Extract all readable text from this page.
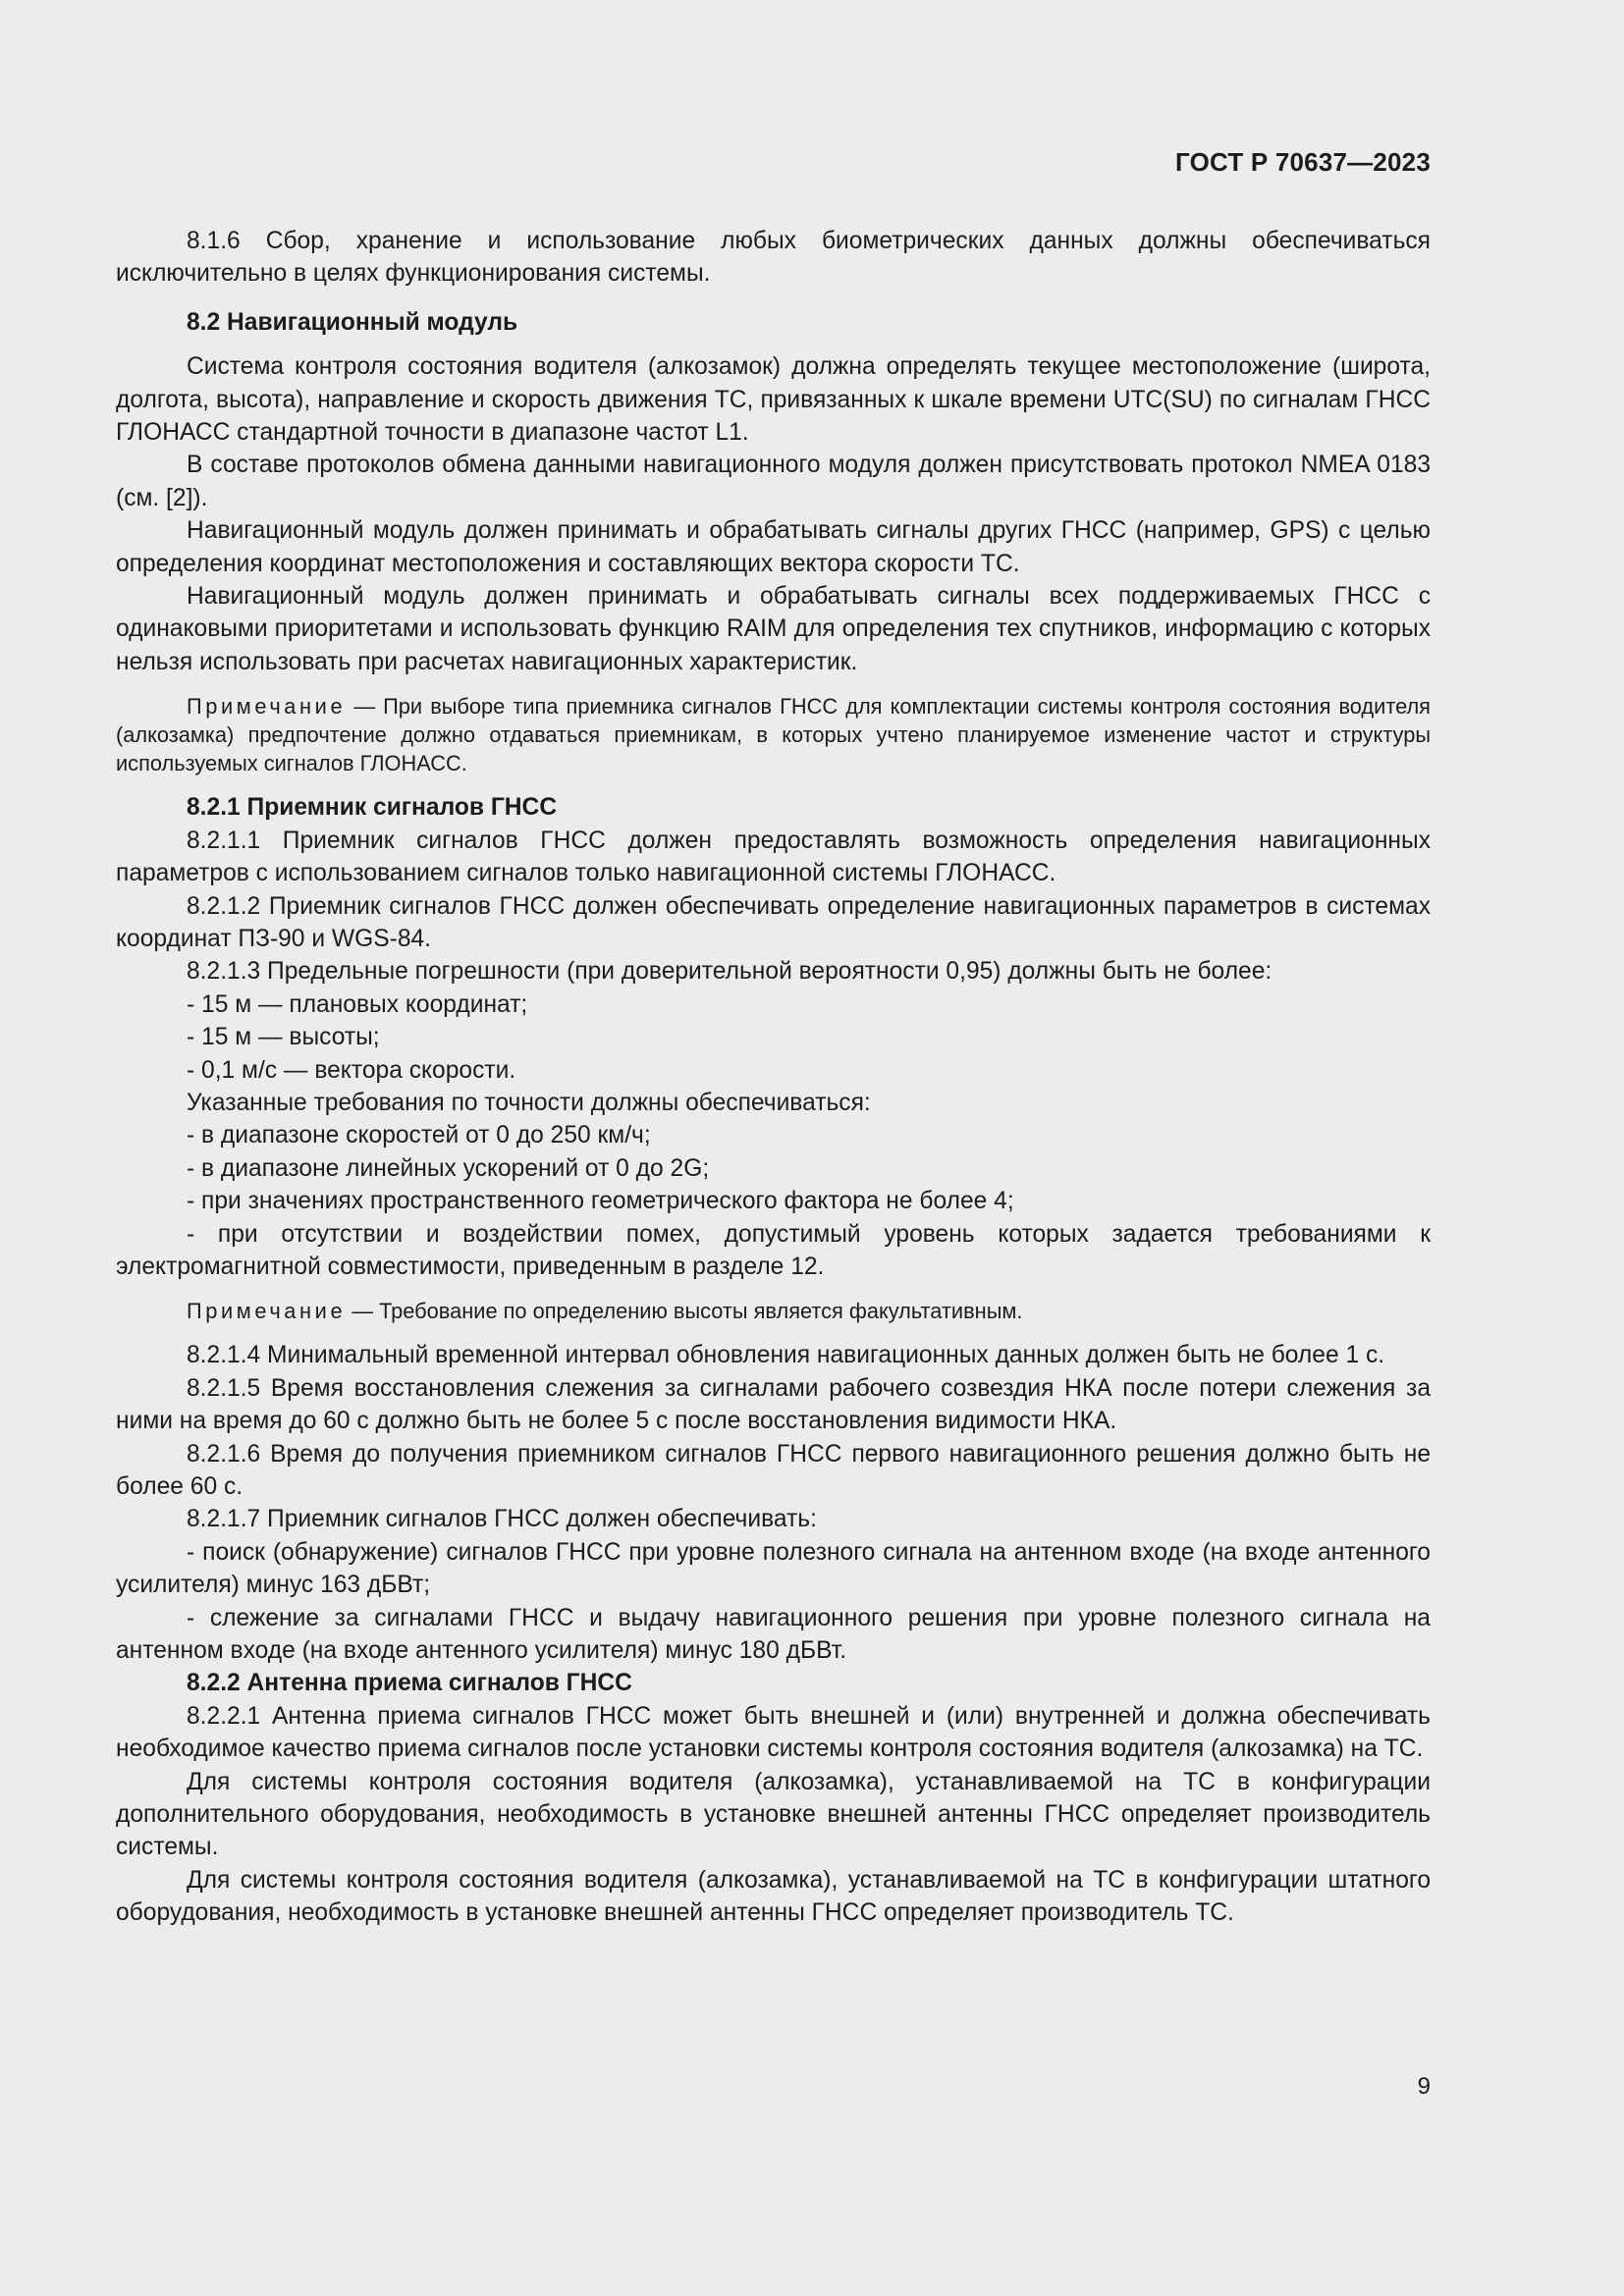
ГОСТ Р 70637—2023

8.1.6 Сбор, хранение и использование любых биометрических данных должны обеспечиваться исключительно в целях функционирования системы.

8.2 Навигационный модуль

Система контроля состояния водителя (алкозамок) должна определять текущее местоположение (широта, долгота, высота), направление и скорость движения ТС, привязанных к шкале времени UTC(SU) по сигналам ГНСС ГЛОНАСС стандартной точности в диапазоне частот L1.

В составе протоколов обмена данными навигационного модуля должен присутствовать протокол NMEA 0183 (см. [2]).

Навигационный модуль должен принимать и обрабатывать сигналы других ГНСС (например, GPS) с целью определения координат местоположения и составляющих вектора скорости ТС.

Навигационный модуль должен принимать и обрабатывать сигналы всех поддерживаемых ГНСС с одинаковыми приоритетами и использовать функцию RAIM для определения тех спутников, информацию с которых нельзя использовать при расчетах навигационных характеристик.

Примечание — При выборе типа приемника сигналов ГНСС для комплектации системы контроля состояния водителя (алкозамка) предпочтение должно отдаваться приемникам, в которых учтено планируемое изменение частот и структуры используемых сигналов ГЛОНАСС.

8.2.1 Приемник сигналов ГНСС

8.2.1.1 Приемник сигналов ГНСС должен предоставлять возможность определения навигационных параметров с использованием сигналов только навигационной системы ГЛОНАСС.

8.2.1.2 Приемник сигналов ГНСС должен обеспечивать определение навигационных параметров в системах координат ПЗ-90 и WGS-84.

8.2.1.3 Предельные погрешности (при доверительной вероятности 0,95) должны быть не более:

- 15 м — плановых координат;

- 15 м — высоты;

- 0,1 м/с — вектора скорости.

Указанные требования по точности должны обеспечиваться:

- в диапазоне скоростей от 0 до 250 км/ч;

- в диапазоне линейных ускорений от 0 до 2G;

- при значениях пространственного геометрического фактора не более 4;

- при отсутствии и воздействии помех, допустимый уровень которых задается требованиями к электромагнитной совместимости, приведенным в разделе 12.

Примечание — Требование по определению высоты является факультативным.

8.2.1.4 Минимальный временной интервал обновления навигационных данных должен быть не более 1 с.

8.2.1.5 Время восстановления слежения за сигналами рабочего созвездия НКА после потери слежения за ними на время до 60 с должно быть не более 5 с после восстановления видимости НКА.

8.2.1.6 Время до получения приемником сигналов ГНСС первого навигационного решения должно быть не более 60 с.

8.2.1.7 Приемник сигналов ГНСС должен обеспечивать:

- поиск (обнаружение) сигналов ГНСС при уровне полезного сигнала на антенном входе (на входе антенного усилителя) минус 163 дБВт;

- слежение за сигналами ГНСС и выдачу навигационного решения при уровне полезного сигнала на антенном входе (на входе антенного усилителя) минус 180 дБВт.

8.2.2 Антенна приема сигналов ГНСС

8.2.2.1 Антенна приема сигналов ГНСС может быть внешней и (или) внутренней и должна обеспечивать необходимое качество приема сигналов после установки системы контроля состояния водителя (алкозамка) на ТС.

Для системы контроля состояния водителя (алкозамка), устанавливаемой на ТС в конфигурации дополнительного оборудования, необходимость в установке внешней антенны ГНСС определяет производитель системы.

Для системы контроля состояния водителя (алкозамка), устанавливаемой на ТС в конфигурации штатного оборудования, необходимость в установке внешней антенны ГНСС определяет производитель ТС.

9
